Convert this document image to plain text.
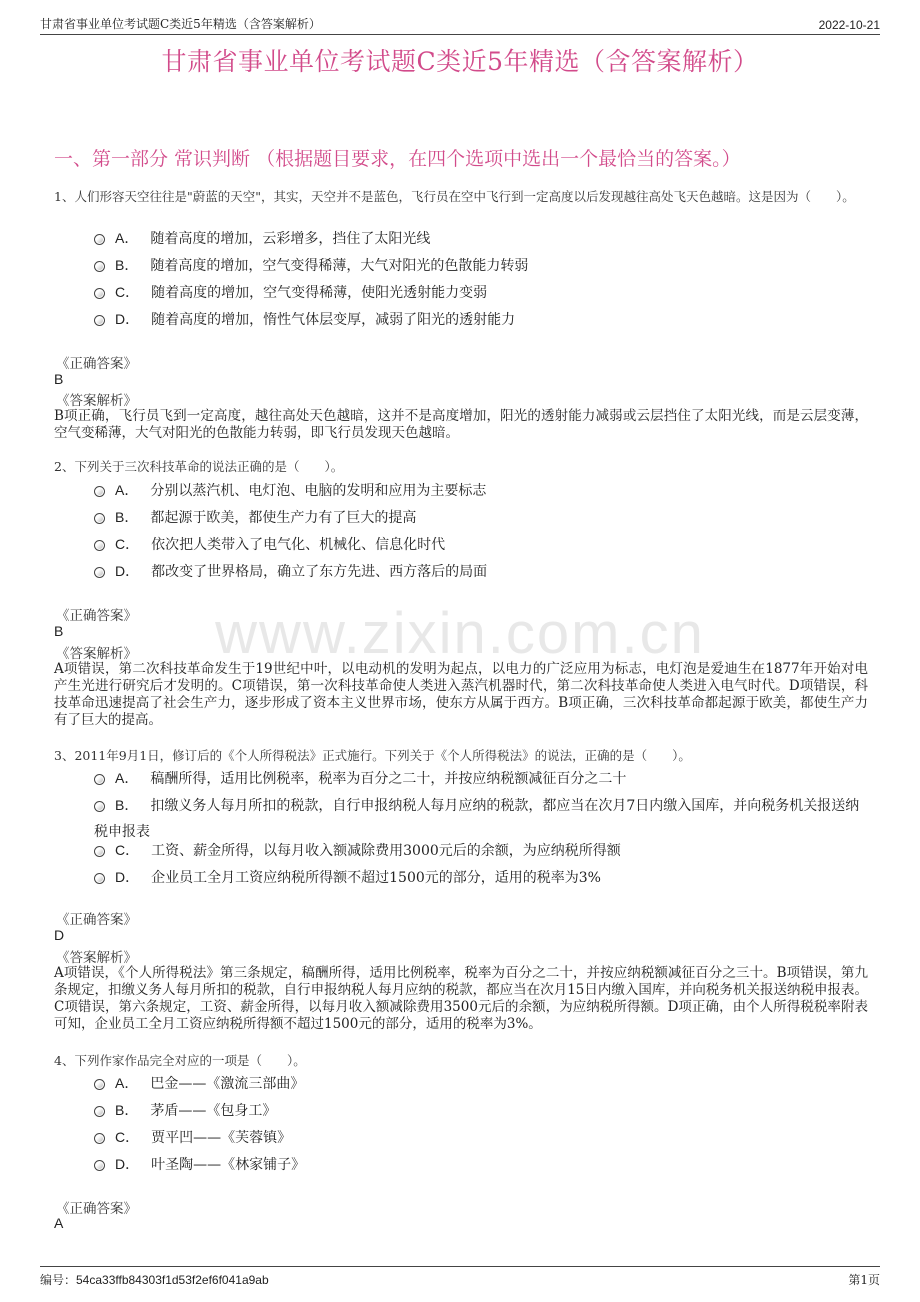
甘肃省事业单位考试题C类近5年精选（含答案解析）	2022-10-21
甘肃省事业单位考试题C类近5年精选（含答案解析）
一、第一部分 常识判断 （根据题目要求，在四个选项中选出一个最恰当的答案。）
www.zixin.com.cn
1、人们形容天空往往是"蔚蓝的天空"，其实，天空并不是蓝色，飞行员在空中飞行到一定高度以后发现越往高处飞天色越暗。这是因为（　　）。
A． 随着高度的增加，云彩增多，挡住了太阳光线
B． 随着高度的增加，空气变得稀薄，大气对阳光的色散能力转弱
C． 随着高度的增加，空气变得稀薄，使阳光透射能力变弱
D． 随着高度的增加，惰性气体层变厚，减弱了阳光的透射能力
《正确答案》
B
《答案解析》
B项正确，飞行员飞到一定高度，越往高处天色越暗，这并不是高度增加，阳光的透射能力减弱或云层挡住了太阳光线，而是云层变薄，空气变稀薄，大气对阳光的色散能力转弱，即飞行员发现天色越暗。
2、下列关于三次科技革命的说法正确的是（　　）。
A． 分别以蒸汽机、电灯泡、电脑的发明和应用为主要标志
B． 都起源于欧美，都使生产力有了巨大的提高
C． 依次把人类带入了电气化、机械化、信息化时代
D． 都改变了世界格局，确立了东方先进、西方落后的局面
《正确答案》
B
《答案解析》
A项错误，第二次科技革命发生于19世纪中叶，以电动机的发明为起点，以电力的广泛应用为标志，电灯泡是爱迪生在1877年开始对电产生光进行研究后才发明的。C项错误，第一次科技革命使人类进入蒸汽机器时代，第二次科技革命使人类进入电气时代。D项错误，科技革命迅速提高了社会生产力，逐步形成了资本主义世界市场，使东方从属于西方。B项正确，三次科技革命都起源于欧美，都使生产力有了巨大的提高。
3、2011年9月1日，修订后的《个人所得税法》正式施行。下列关于《个人所得税法》的说法，正确的是（　　）。
A． 稿酬所得，适用比例税率，税率为百分之二十，并按应纳税额减征百分之二十
B． 扣缴义务人每月所扣的税款，自行申报纳税人每月应纳的税款，都应当在次月7日内缴入国库，并向税务机关报送纳税申报表
C． 工资、薪金所得，以每月收入额减除费用3000元后的余额，为应纳税所得额
D． 企业员工全月工资应纳税所得额不超过1500元的部分，适用的税率为3%
《正确答案》
D
《答案解析》
A项错误，《个人所得税法》第三条规定，稿酬所得，适用比例税率，税率为百分之二十，并按应纳税额减征百分之三十。B项错误，第九条规定，扣缴义务人每月所扣的税款，自行申报纳税人每月应纳的税款，都应当在次月15日内缴入国库，并向税务机关报送纳税申报表。C项错误，第六条规定，工资、薪金所得，以每月收入额减除费用3500元后的余额，为应纳税所得额。D项正确，由个人所得税税率附表可知，企业员工全月工资应纳税所得额不超过1500元的部分，适用的税率为3%。
4、下列作家作品完全对应的一项是（　　）。
A． 巴金——《激流三部曲》
B． 茅盾——《包身工》
C． 贾平凹——《芙蓉镇》
D． 叶圣陶——《林家铺子》
《正确答案》
A
编号：54ca33ffb84303f1d53f2ef6f041a9ab	第1页
